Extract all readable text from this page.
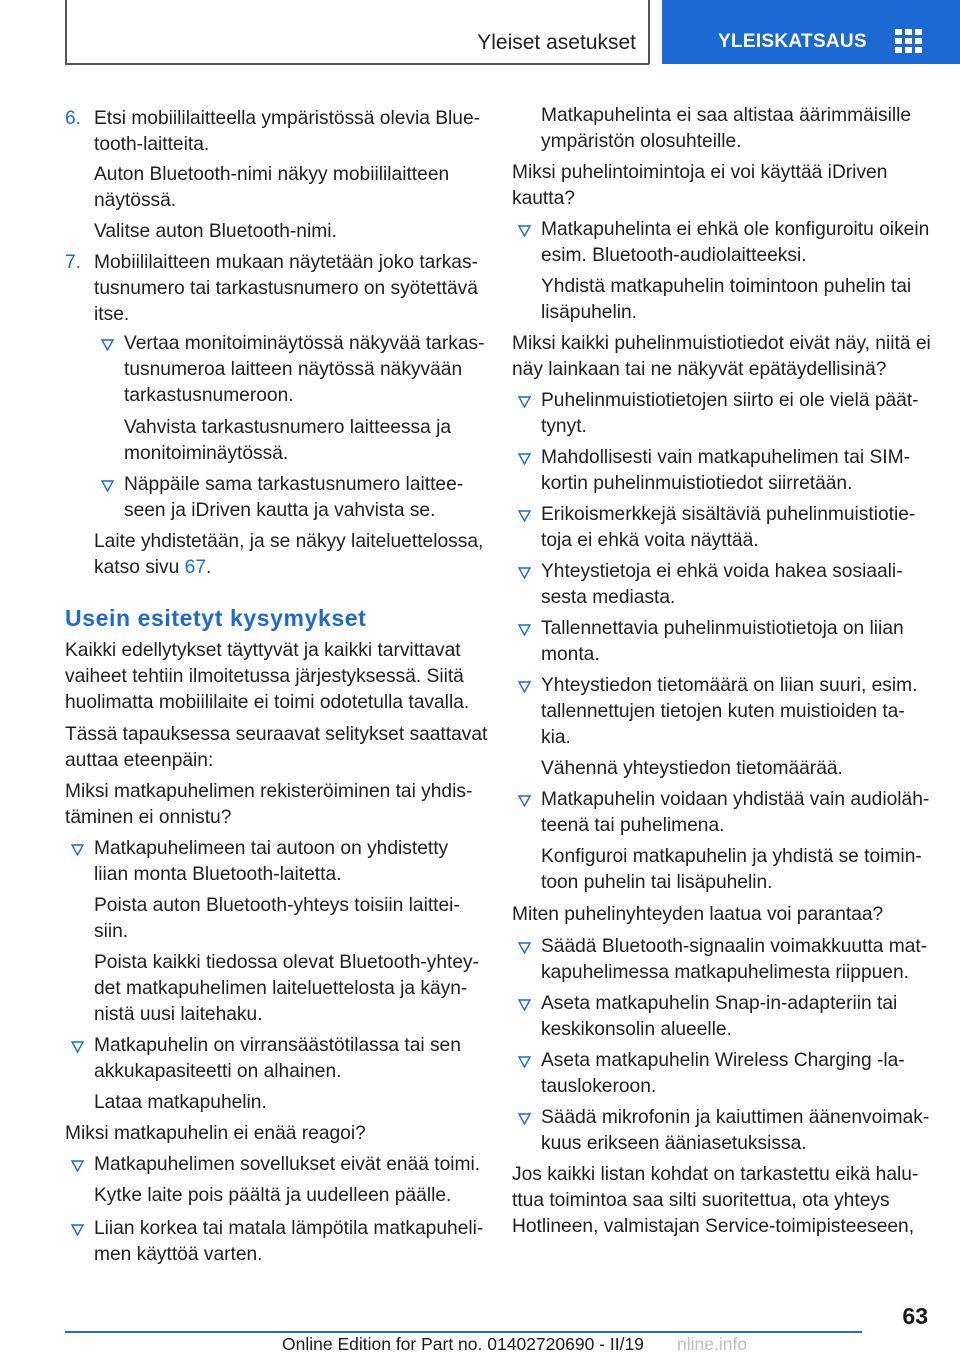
Yleiset asetukset	YLEISKATSAUS
6. Etsi mobiililaitteella ympäristössä olevia Blue-
tooth-laitteita.
Auton Bluetooth-nimi näkyy mobiililaitteen
näytössä.
Valitse auton Bluetooth-nimi.
7. Mobiililaitteen mukaan näytetään joko tarkas-
tusnumero tai tarkastusnumero on syötettävä
itse.
Vertaa monitoiminäytössä näkyvää tarkas-
tusnumeroa laitteen näytössä näkyvään
tarkastusnumeroon.
Vahvista tarkastusnumero laitteessa ja
monitoiminäytössä.
Näppäile sama tarkastusnumero laittee-
seen ja iDriven kautta ja vahvista se.
Laite yhdistetään, ja se näkyy laiteluettelossa,
katso sivu 67.
Usein esitetyt kysymykset
Kaikki edellytykset täyttyvät ja kaikki tarvittavat
vaiheet tehtiin ilmoitetussa järjestyksessä. Siitä
huolimatta mobiililaite ei toimi odotetulla tavalla.
Tässä tapauksessa seuraavat selitykset saattavat
auttaa eteenpäin:
Miksi matkapuhelimen rekisteröiminen tai yhdis-
täminen ei onnistu?
Matkapuhelimeen tai autoon on yhdistetty
liian monta Bluetooth-laitetta.
Poista auton Bluetooth-yhteys toisiin laittei-
siin.
Poista kaikki tiedossa olevat Bluetooth-yhtey-
det matkapuhelimen laiteluettelosta ja käyn-
nistä uusi laitehaku.
Matkapuhelin on virransäästötilassa tai sen
akkukapasiteetti on alhainen.
Lataa matkapuhelin.
Miksi matkapuhelin ei enää reagoi?
Matkapuhelimen sovellukset eivät enää toimi.
Kytke laite pois päältä ja uudelleen päälle.
Liian korkea tai matala lämpötila matkapuheli-
men käyttöä varten.
Matkapuhelinta ei saa altistaa äärimmäisille
ympäristön olosuhteille.
Miksi puhelintoimintoja ei voi käyttää iDriven
kautta?
Matkapuhelinta ei ehkä ole konfiguroitu oikein
esim. Bluetooth-audiolaitteeksi.
Yhdistä matkapuhelin toimintoon puhelin tai
lisäpuhelin.
Miksi kaikki puhelinmuistiotiedot eivät näy, niitä ei
näy lainkaan tai ne näkyvät epätäydellisinä?
Puhelinmuistiotietojen siirto ei ole vielä päät-
tynyt.
Mahdollisesti vain matkapuhelimen tai SIM-
kortin puhelinmuistiotiedot siirretään.
Erikoismerkkejä sisältäviä puhelinmuistiotie-
toja ei ehkä voita näyttää.
Yhteystietoja ei ehkä voida hakea sosiaali-
sesta mediasta.
Tallennettavia puhelinmuistiotietoja on liian
monta.
Yhteystiedon tietomäärä on liian suuri, esim.
tallennettujen tietojen kuten muistioiden ta-
kia.
Vähennä yhteystiedon tietomäärää.
Matkapuhelin voidaan yhdistää vain audioläh-
teenä tai puhelimena.
Konfiguroi matkapuhelin ja yhdistä se toimin-
toon puhelin tai lisäpuhelin.
Miten puhelinyhteyden laatua voi parantaa?
Säädä Bluetooth-signaalin voimakkuutta mat-
kapuhelimessa matkapuhelimesta riippuen.
Aseta matkapuhelin Snap-in-adapteriin tai
keskikonsolin alueelle.
Aseta matkapuhelin Wireless Charging -la-
tauslokeroon.
Säädä mikrofonin ja kaiuttimen äänenvoimak-
kuus erikseen ääniasetuksissa.
Jos kaikki listan kohdat on tarkastettu eikä halu-
ttua toimintoa saa silti suoritettua, ota yhteys
Hotlineen, valmistajan Service-toimipisteeseen,
63
Online Edition for Part no. 01402720690 - II/19 nline.info
